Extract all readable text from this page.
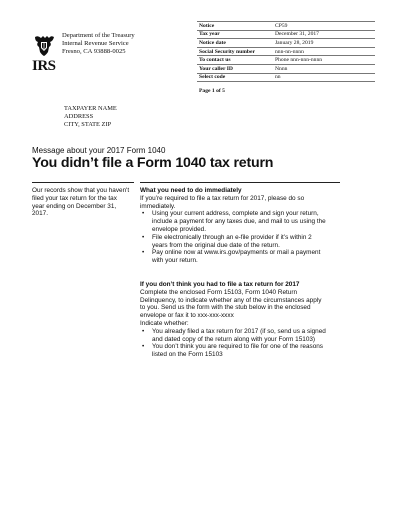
IRS
Department of the Treasury
Internal Revenue Service
Fresno, CA 93888-0025
Notice	CP59
Tax year	December 31, 2017
Notice date	January 28, 2019
Social Security number	nnn-nn-nnnn
To contact us	Phone nnn-nnn-nnnn
Your caller ID	Nnnn
Select code	nn
Page 1 of 5
TAXPAYER NAME
ADDRESS
CITY, STATE ZIP
Message about your 2017 Form 1040
You didn’t file a Form 1040 tax return
Our records show that you haven't
filed your tax return for the tax
year ending on December 31,
2017.
What you need to do immediately
If you’re required to file a tax return for 2017, please do so
immediately.
• Using your current address, complete and sign your return,
include a payment for any taxes due, and mail to us using the
envelope provided.
• File electronically through an e-file provider if it’s within 2
years from the original due date of the return.
• Pay online now at www.irs.gov/payments or mail a payment
with your return.
If you don’t think you had to file a tax return for 2017
Complete the enclosed Form 15103, Form 1040 Return
Delinquency, to indicate whether any of the circumstances apply
to you. Send us the form with the stub below in the enclosed
envelope or fax it to xxx-xxx-xxxx
Indicate whether:
• You already filed a tax return for 2017 (if so, send us a signed
and dated copy of the return along with your Form 15103)
• You don’t think you are required to file for one of the reasons
listed on the Form 15103
